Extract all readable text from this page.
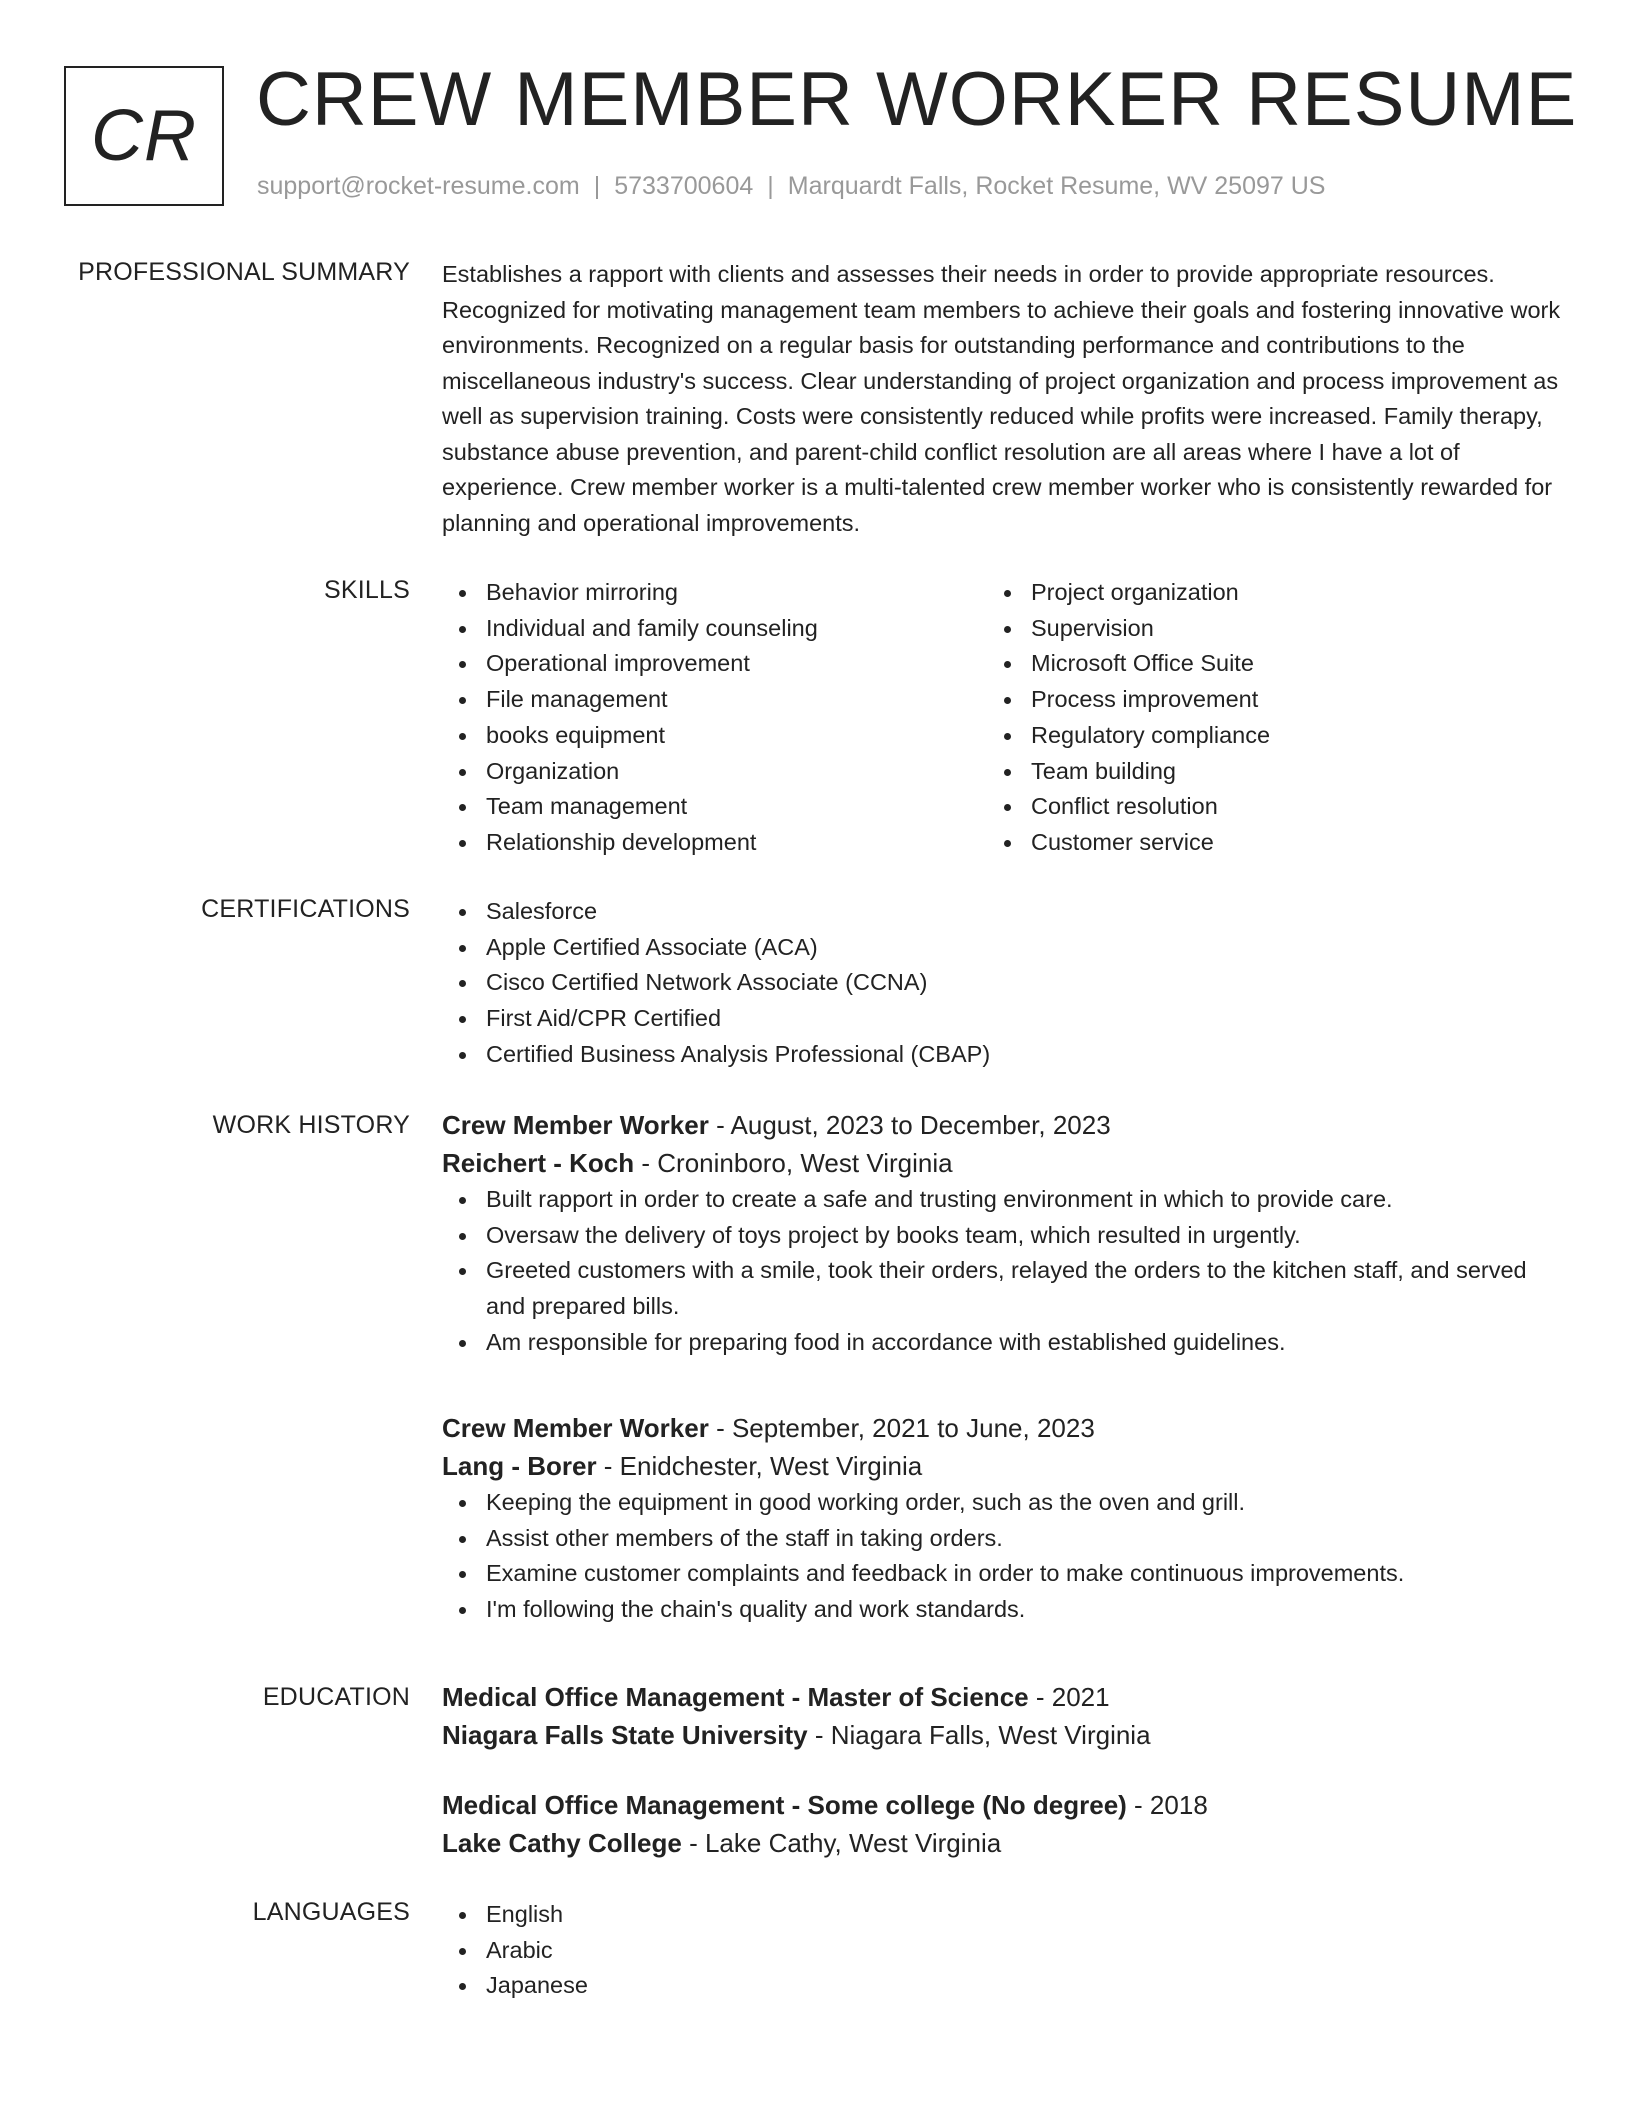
CR CREW MEMBER WORKER RESUME
support@rocket-resume.com | 5733700604 | Marquardt Falls, Rocket Resume, WV 25097 US
PROFESSIONAL SUMMARY Establishes a rapport with clients and assesses their needs in order to provide appropriate resources. Recognized for motivating management team members to achieve their goals and fostering innovative work environments. Recognized on a regular basis for outstanding performance and contributions to the miscellaneous industry's success. Clear understanding of project organization and process improvement as well as supervision training. Costs were consistently reduced while profits were increased. Family therapy, substance abuse prevention, and parent-child conflict resolution are all areas where I have a lot of experience. Crew member worker is a multi-talented crew member worker who is consistently rewarded for planning and operational improvements.

SKILLS	Behavior mirroring
Individual and family counseling
Operational improvement
File management
books equipment
Organization
Team management
Relationship development
Project organization
Supervision
Microsoft Office Suite
Process improvement
Regulatory compliance
Team building
Conflict resolution
Customer service
CERTIFICATIONS	Salesforce
Apple Certified Associate (ACA)
Cisco Certified Network Associate (CCNA)
First Aid/CPR Certified
Certified Business Analysis Professional (CBAP)
WORK HISTORY Crew Member Worker - August, 2023 to December, 2023
Reichert - Koch - Croninboro, West Virginia
Built rapport in order to create a safe and trusting environment in which to provide care.
Oversaw the delivery of toys project by books team, which resulted in urgently.
Greeted customers with a smile, took their orders, relayed the orders to the kitchen staff, and served and prepared bills.
Am responsible for preparing food in accordance with established guidelines.
Crew Member Worker - September, 2021 to June, 2023
Lang - Borer - Enidchester, West Virginia
Keeping the equipment in good working order, such as the oven and grill.
Assist other members of the staff in taking orders.
Examine customer complaints and feedback in order to make continuous improvements.
I'm following the chain's quality and work standards.
EDUCATION Medical Office Management - Master of Science - 2021
Niagara Falls State University - Niagara Falls, West Virginia
Medical Office Management - Some college (No degree) - 2018
Lake Cathy College - Lake Cathy, West Virginia
LANGUAGES	English
Arabic
Japanese
